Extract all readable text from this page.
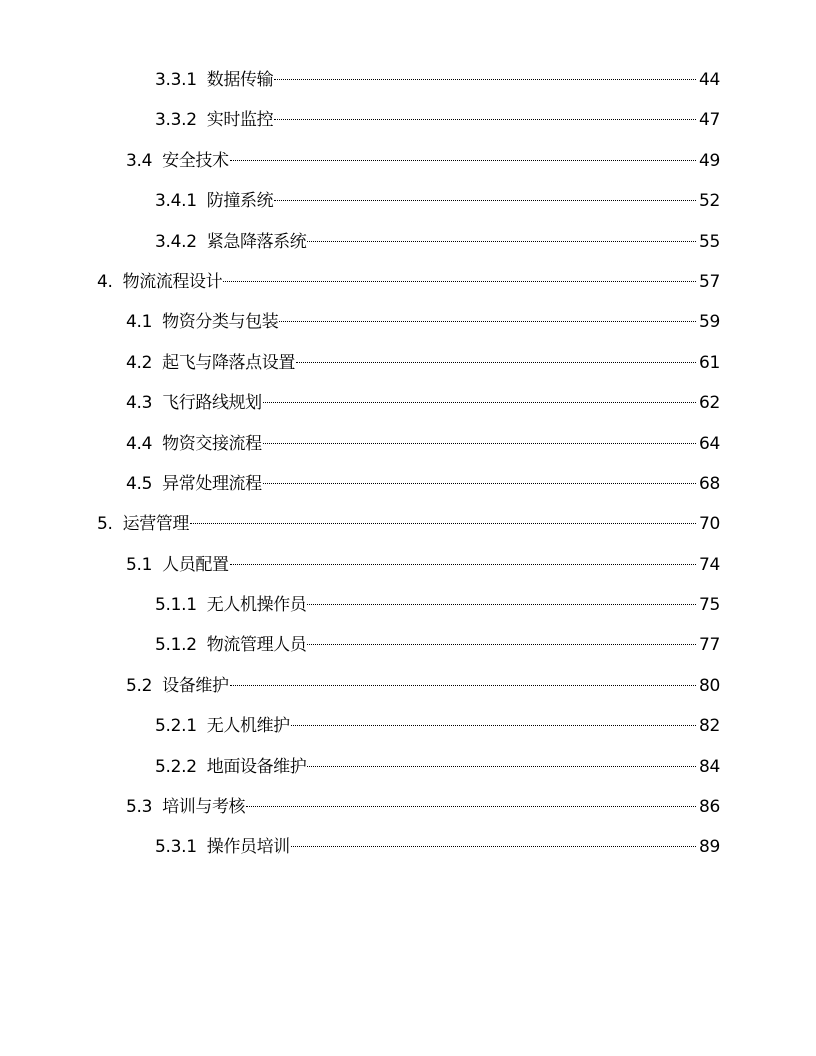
3.3.1 数据传输	44
3.3.2 实时监控	47
3.4 安全技术	49
3.4.1 防撞系统	52
3.4.2 紧急降落系统	55
4. 物流流程设计	57
4.1 物资分类与包装	59
4.2 起飞与降落点设置	61
4.3 飞行路线规划	62
4.4 物资交接流程	64
4.5 异常处理流程	68
5. 运营管理	70
5.1 人员配置	74
5.1.1 无人机操作员	75
5.1.2 物流管理人员	77
5.2 设备维护	80
5.2.1 无人机维护	82
5.2.2 地面设备维护	84
5.3 培训与考核	86
5.3.1 操作员培训	89
